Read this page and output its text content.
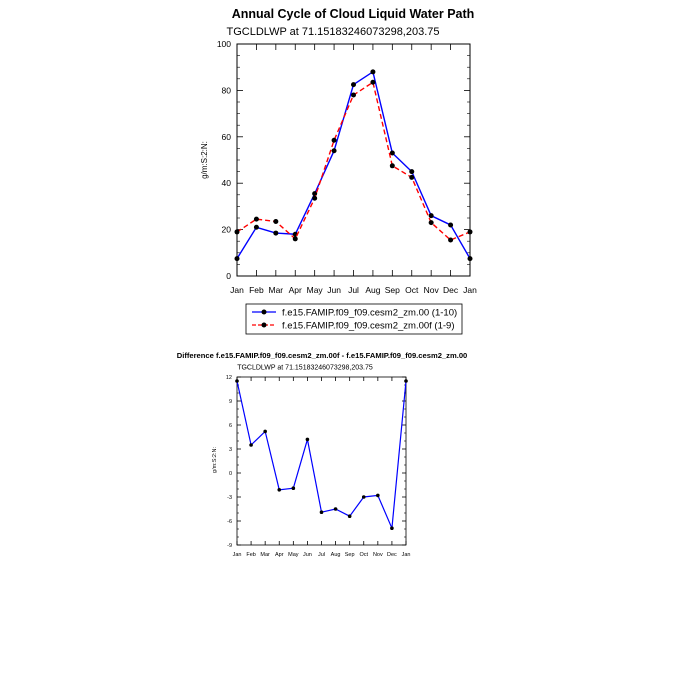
Annual Cycle of Cloud Liquid Water Path
TGCLDLWP at 71.15183246073298,203.75
g/m:S:2:N:
0
20
40
60
80
100
Jan Feb Mar Apr May Jun Jul Aug Sep Oct Nov Dec Jan
f.e15.FAMIP.f09_f09.cesm2_zm.00 (1-10)
f.e15.FAMIP.f09_f09.cesm2_zm.00f (1-9)
Difference f.e15.FAMIP.f09_f09.cesm2_zm.00f - f.e15.FAMIP.f09_f09.cesm2_zm.00
TGCLDLWP at 71.15183246073298,203.75
g/m:S:2:N:
-9
-6
-3
0
3
6
9
12
Jan Feb Mar Apr May Jun Jul Aug Sep Oct Nov Dec Jan
